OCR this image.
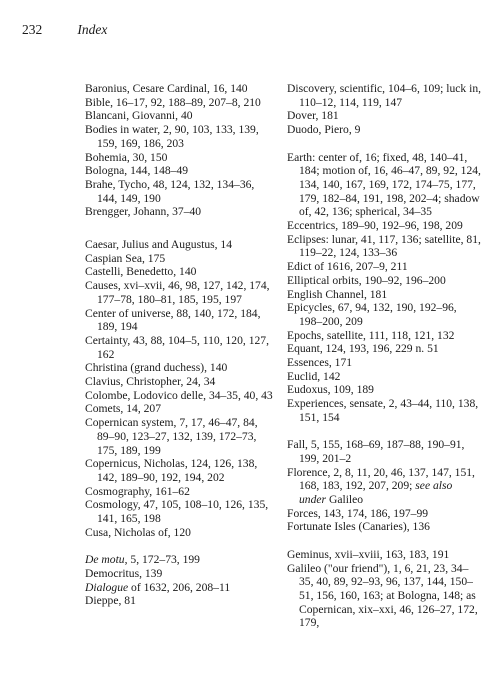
232	Index
Baronius, Cesare Cardinal, 16, 140
Bible, 16–17, 92, 188–89, 207–8, 210
Blancani, Giovanni, 40
Bodies in water, 2, 90, 103, 133, 139, 159, 169, 186, 203
Bohemia, 30, 150
Bologna, 144, 148–49
Brahe, Tycho, 48, 124, 132, 134–36, 144, 149, 190
Brengger, Johann, 37–40
Caesar, Julius and Augustus, 14
Caspian Sea, 175
Castelli, Benedetto, 140
Causes, xvi–xvii, 46, 98, 127, 142, 174, 177–78, 180–81, 185, 195, 197
Center of universe, 88, 140, 172, 184, 189, 194
Certainty, 43, 88, 104–5, 110, 120, 127, 162
Christina (grand duchess), 140
Clavius, Christopher, 24, 34
Colombe, Lodovico delle, 34–35, 40, 43
Comets, 14, 207
Copernican system, 7, 17, 46–47, 84, 89–90, 123–27, 132, 139, 172–73, 175, 189, 199
Copernicus, Nicholas, 124, 126, 138, 142, 189–90, 192, 194, 202
Cosmography, 161–62
Cosmology, 47, 105, 108–10, 126, 135, 141, 165, 198
Cusa, Nicholas of, 120
De motu, 5, 172–73, 199
Democritus, 139
Dialogue of 1632, 206, 208–11
Dieppe, 81
Discovery, scientific, 104–6, 109; luck in, 110–12, 114, 119, 147
Dover, 181
Duodo, Piero, 9
Earth: center of, 16; fixed, 48, 140–41, 184; motion of, 16, 46–47, 89, 92, 124, 134, 140, 167, 169, 172, 174–75, 177, 179, 182–84, 191, 198, 202–4; shadow of, 42, 136; spherical, 34–35
Eccentrics, 189–90, 192–96, 198, 209
Eclipses: lunar, 41, 117, 136; satellite, 81, 119–22, 124, 133–36
Edict of 1616, 207–9, 211
Elliptical orbits, 190–92, 196–200
English Channel, 181
Epicycles, 67, 94, 132, 190, 192–96, 198–200, 209
Epochs, satellite, 111, 118, 121, 132
Equant, 124, 193, 196, 229 n. 51
Essences, 171
Euclid, 142
Eudoxus, 109, 189
Experiences, sensate, 2, 43–44, 110, 138, 151, 154
Fall, 5, 155, 168–69, 187–88, 190–91, 199, 201–2
Florence, 2, 8, 11, 20, 46, 137, 147, 151, 168, 183, 192, 207, 209; see also under Galileo
Forces, 143, 174, 186, 197–99
Fortunate Isles (Canaries), 136
Geminus, xvii–xviii, 163, 183, 191
Galileo ("our friend"), 1, 6, 21, 23, 34–35, 40, 89, 92–93, 96, 137, 144, 150–51, 156, 160, 163; at Bologna, 148; as Copernican, xix–xxi, 46, 126–27, 172, 179,
